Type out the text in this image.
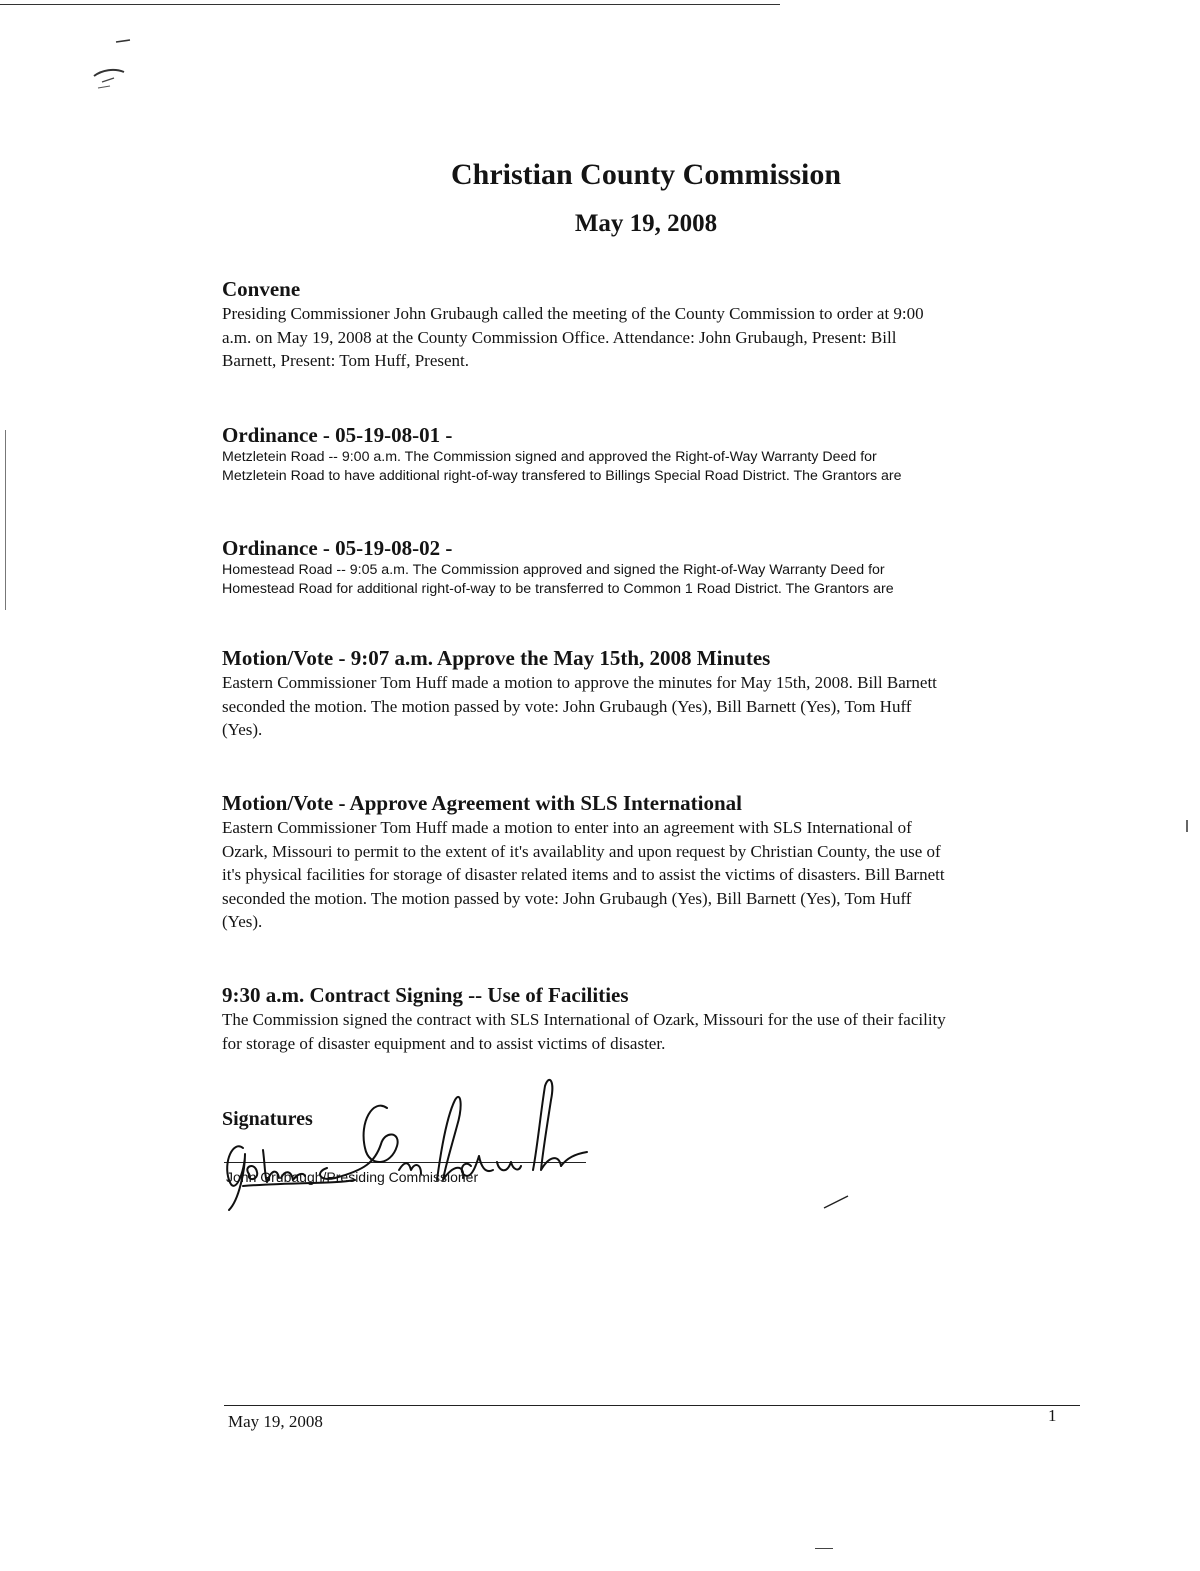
Christian County Commission
May 19, 2008

Convene

Presiding Commissioner John Grubaugh called the meeting of the County Commission to order at 9:00

a.m. on May 19, 2008 at the County Commission Office. Attendance: John Grubaugh, Present: Bill

Barnett, Present: Tom Huff, Present.

Ordinance - 05-19-08-01 -

Metzletein Road -- 9:00 a.m. The Commission signed and approved the Right-of-Way Warranty Deed for

Metzletein Road to have additional right-of-way transfered to Billings Special Road District. The Grantors are

Ordinance - 05-19-08-02 -

Homestead Road -- 9:05 a.m. The Commission approved and signed the Right-of-Way Warranty Deed for

Homestead Road for additional right-of-way to be transferred to Common 1 Road District. The Grantors are

Motion/Vote - 9:07 a.m. Approve the May 15th, 2008 Minutes

Eastern Commissioner Tom Huff made a motion to approve the minutes for May 15th, 2008. Bill Barnett

seconded the motion. The motion passed by vote: John Grubaugh (Yes), Bill Barnett (Yes), Tom Huff

(Yes).

Motion/Vote - Approve Agreement with SLS International

Eastern Commissioner Tom Huff made a motion to enter into an agreement with SLS International of

Ozark, Missouri to permit to the extent of it's availablity and upon request by Christian County, the use of

it's physical facilities for storage of disaster related items and to assist the victims of disasters. Bill Barnett

seconded the motion. The motion passed by vote: John Grubaugh (Yes), Bill Barnett (Yes), Tom Huff

(Yes).

9:30 a.m. Contract Signing -- Use of Facilities

The Commission signed the contract with SLS International of Ozark, Missouri for the use of their facility

for storage of disaster equipment and to assist victims of disaster.

Signatures

John Grubaugh/Presiding Commissioner

May 19, 2008	1
